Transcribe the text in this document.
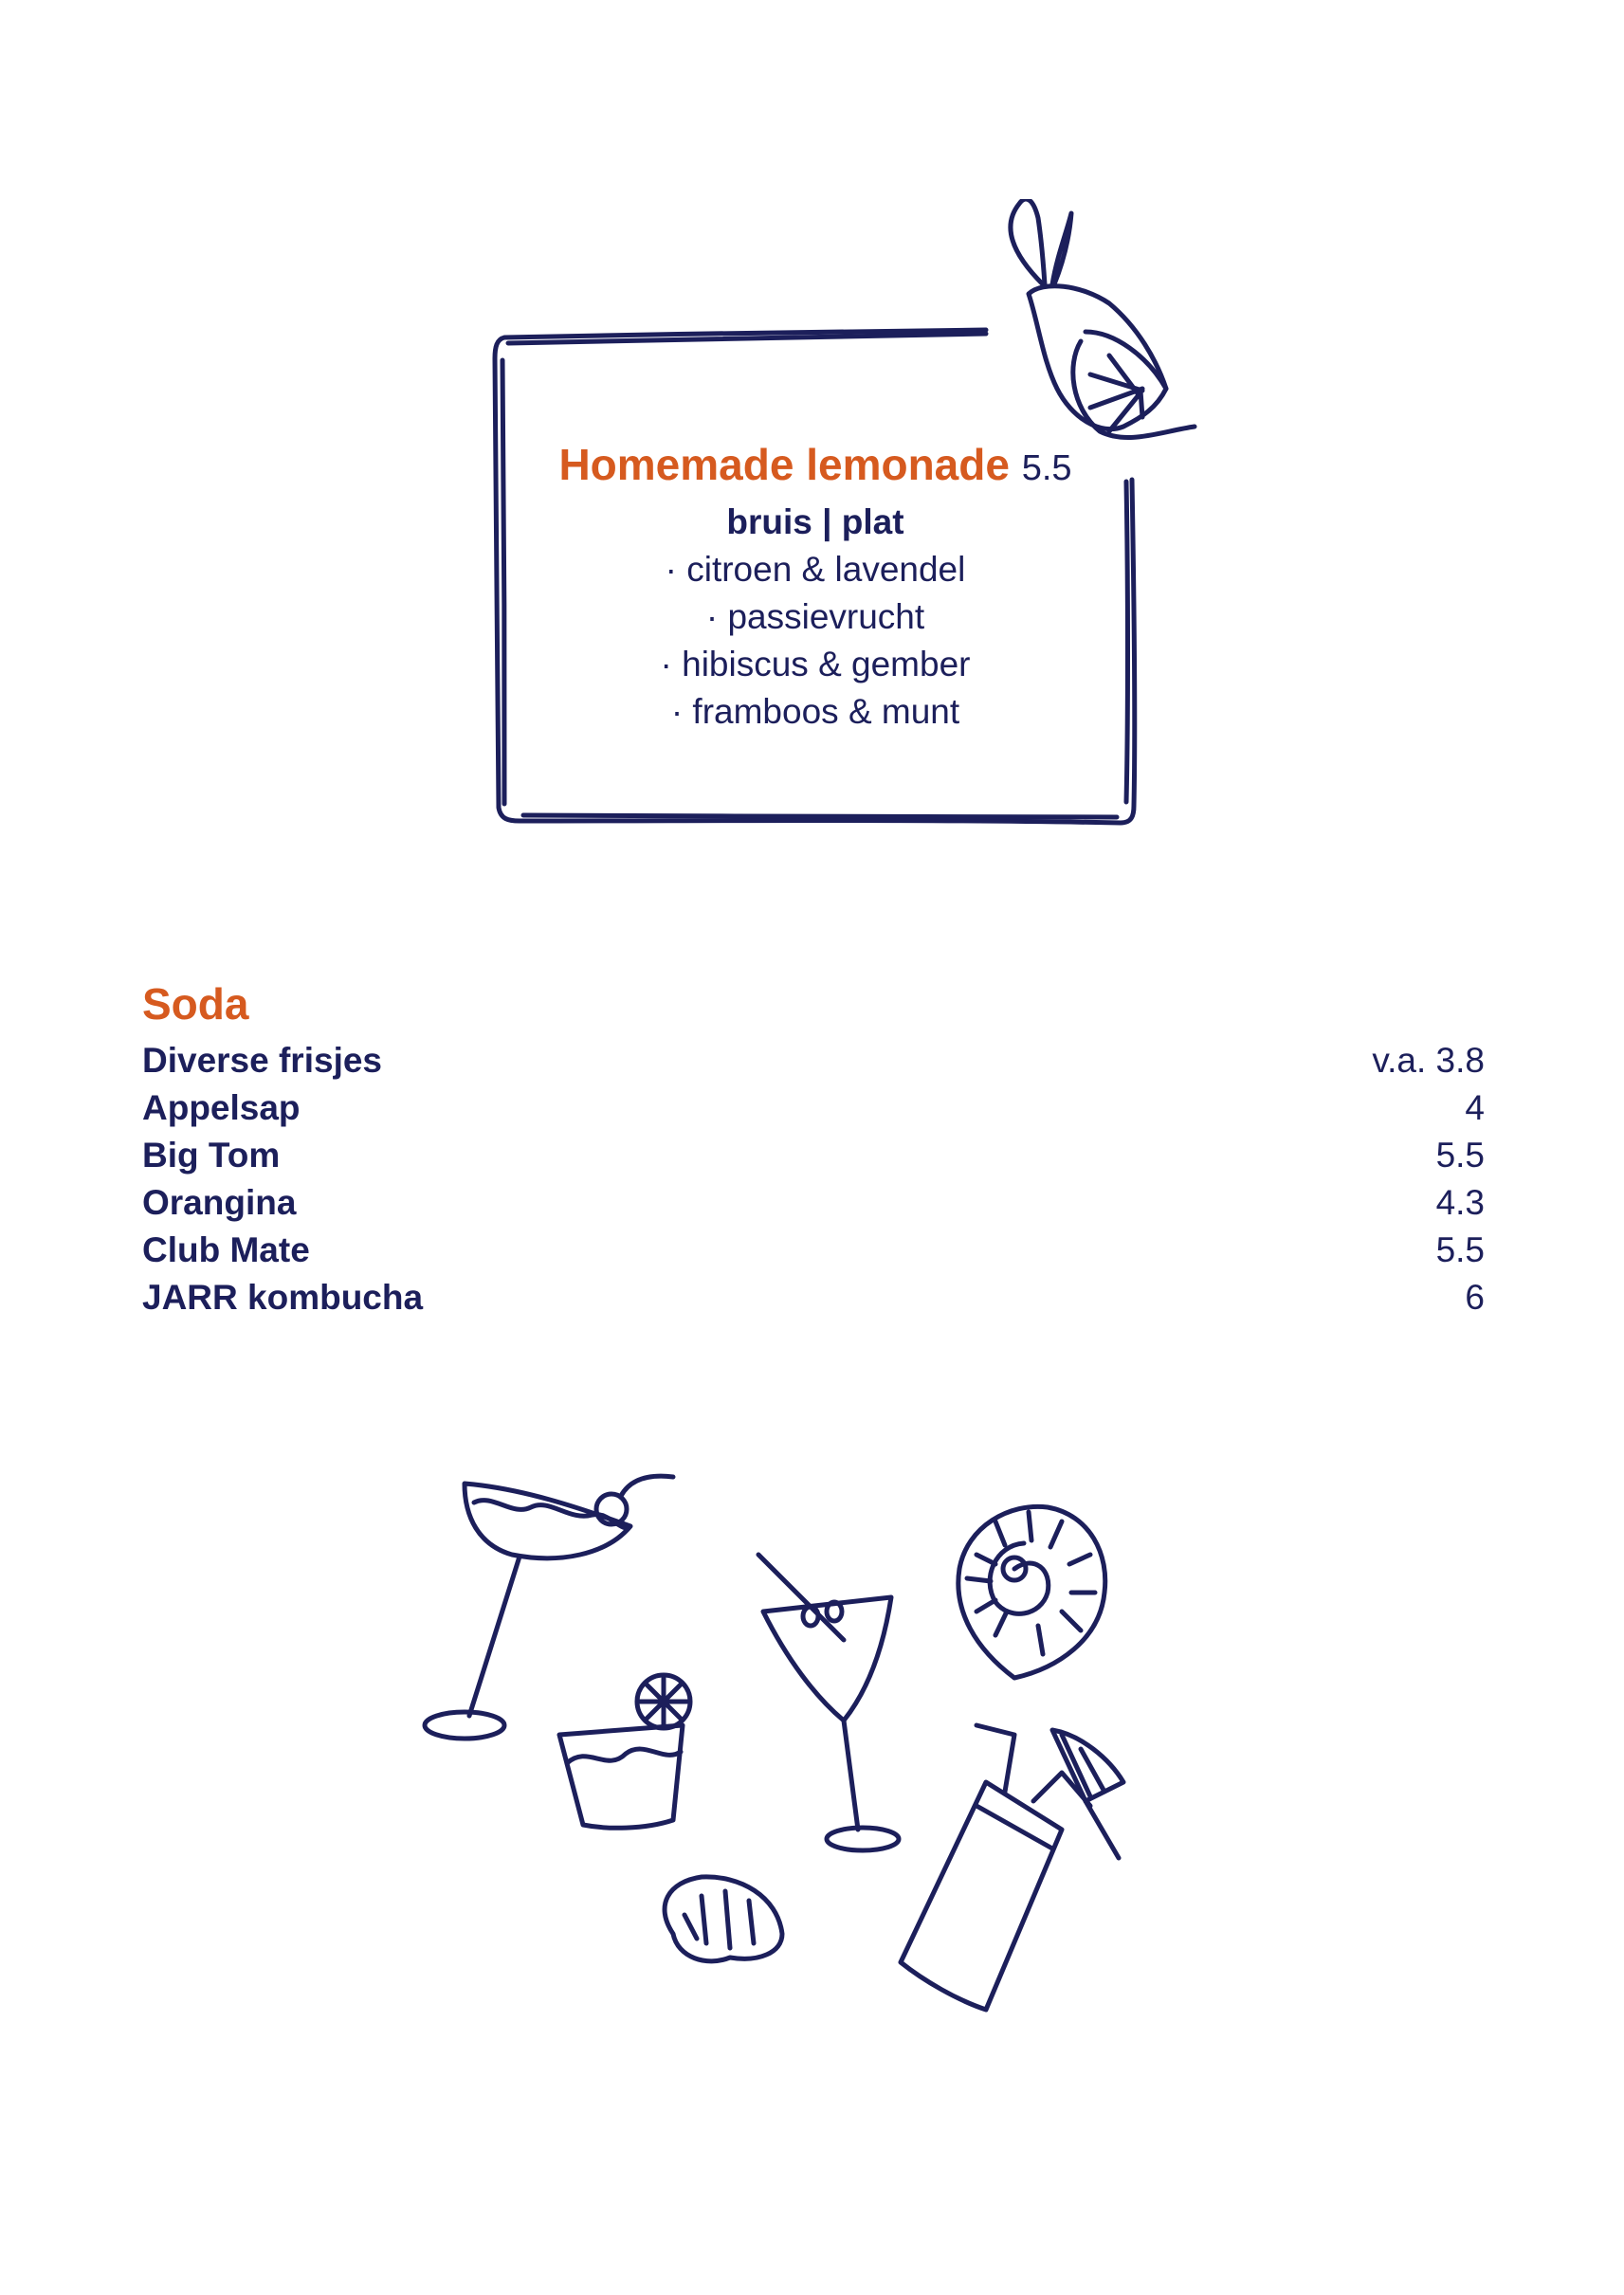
Homemade lemonade 5.5
bruis | plat
· citroen & lavendel
· passievrucht
· hibiscus & gember
· framboos & munt
Soda
Diverse frisjes	v.a. 3.8
Appelsap	4
Big Tom	5.5
Orangina	4.3
Club Mate	5.5
JARR kombucha	6
